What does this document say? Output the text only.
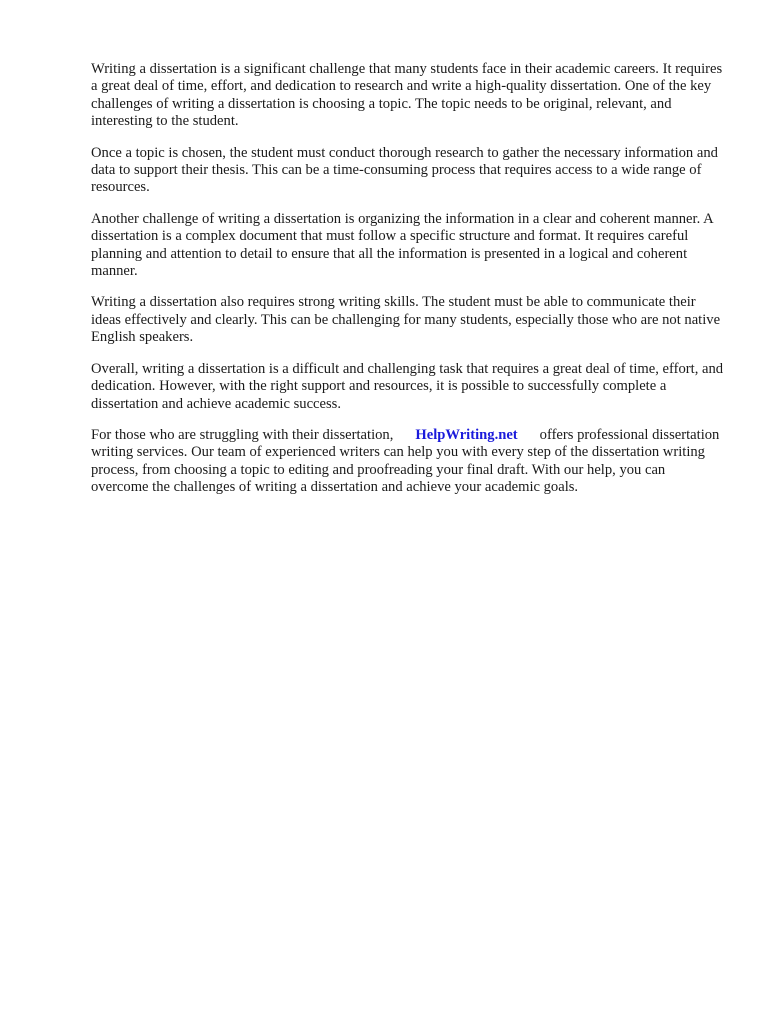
Writing a dissertation is a significant challenge that many students face in their academic careers. It requires a great deal of time, effort, and dedication to research and write a high-quality dissertation. One of the key challenges of writing a dissertation is choosing a topic. The topic needs to be original, relevant, and interesting to the student.

Once a topic is chosen, the student must conduct thorough research to gather the necessary information and data to support their thesis. This can be a time-consuming process that requires access to a wide range of resources.

Another challenge of writing a dissertation is organizing the information in a clear and coherent manner. A dissertation is a complex document that must follow a specific structure and format. It requires careful planning and attention to detail to ensure that all the information is presented in a logical and coherent manner.

Writing a dissertation also requires strong writing skills. The student must be able to communicate their ideas effectively and clearly. This can be challenging for many students, especially those who are not native English speakers.

Overall, writing a dissertation is a difficult and challenging task that requires a great deal of time, effort, and dedication. However, with the right support and resources, it is possible to successfully complete a dissertation and achieve academic success.

For those who are struggling with their dissertation, HelpWriting.net offers professional dissertation writing services. Our team of experienced writers can help you with every step of the dissertation writing process, from choosing a topic to editing and proofreading your final draft. With our help, you can overcome the challenges of writing a dissertation and achieve your academic goals.
